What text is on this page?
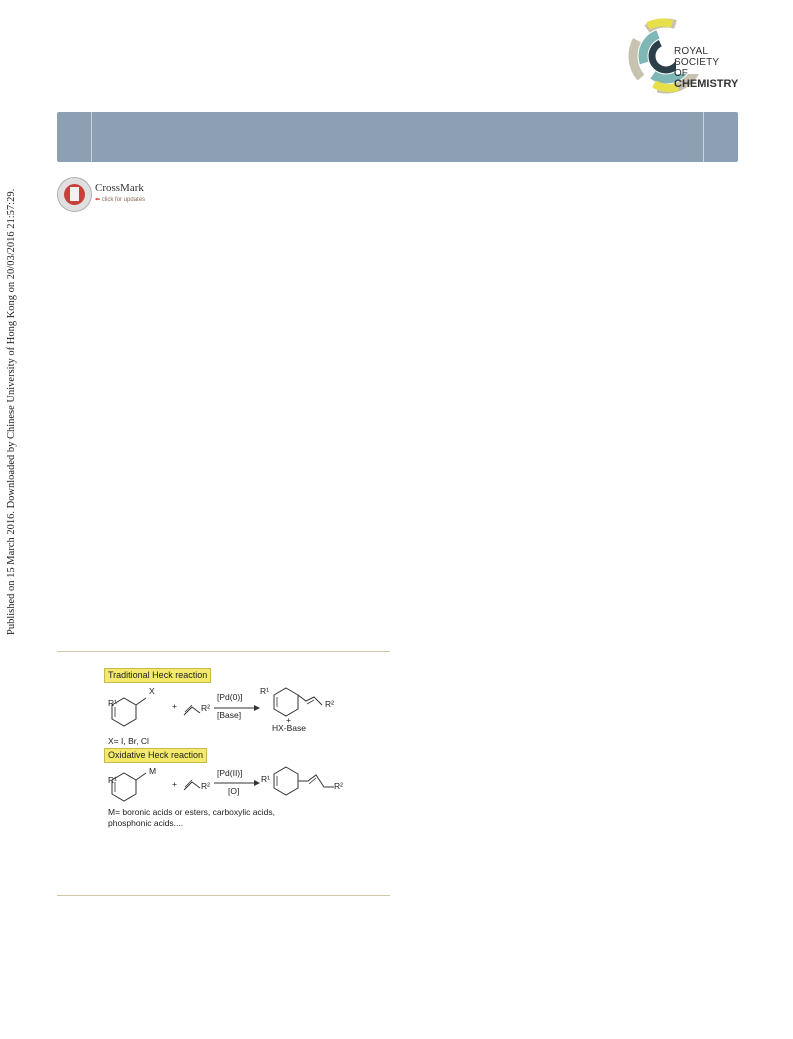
ROYAL SOCIETY
OF
CHEMISTRY
CrossMark
⬅ click for updates
Published on 15 March 2016. Downloaded by Chinese University of Hong Kong on 20/03/2016 21:57:29.
Traditional Heck reaction
R¹
X
+	R²
[Pd(0)]
[Base]
R¹
R²
+
HX-Base
X= I, Br, Cl
Oxidative Heck reaction
R¹
M
+	R²
[Pd(II)]
[O]
R¹
R²
M= boronic acids or esters, carboxylic acids,
phosphonic acids....
